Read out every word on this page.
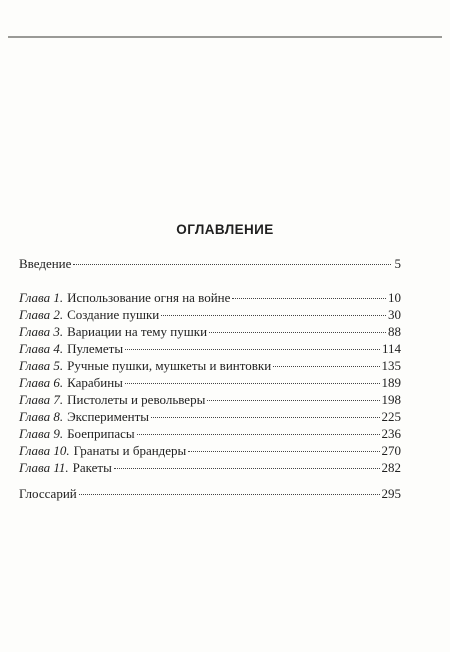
ОГЛАВЛЕНИЕ
Введение	5
Глава 1. Использование огня на войне	10
Глава 2. Создание пушки	30
Глава 3. Вариации на тему пушки	88
Глава 4. Пулеметы	114
Глава 5. Ручные пушки, мушкеты и винтовки	135
Глава 6. Карабины	189
Глава 7. Пистолеты и револьверы	198
Глава 8. Эксперименты	225
Глава 9. Боеприпасы	236
Глава 10. Гранаты и брандеры	270
Глава 11. Ракеты	282
Глоссарий	295
